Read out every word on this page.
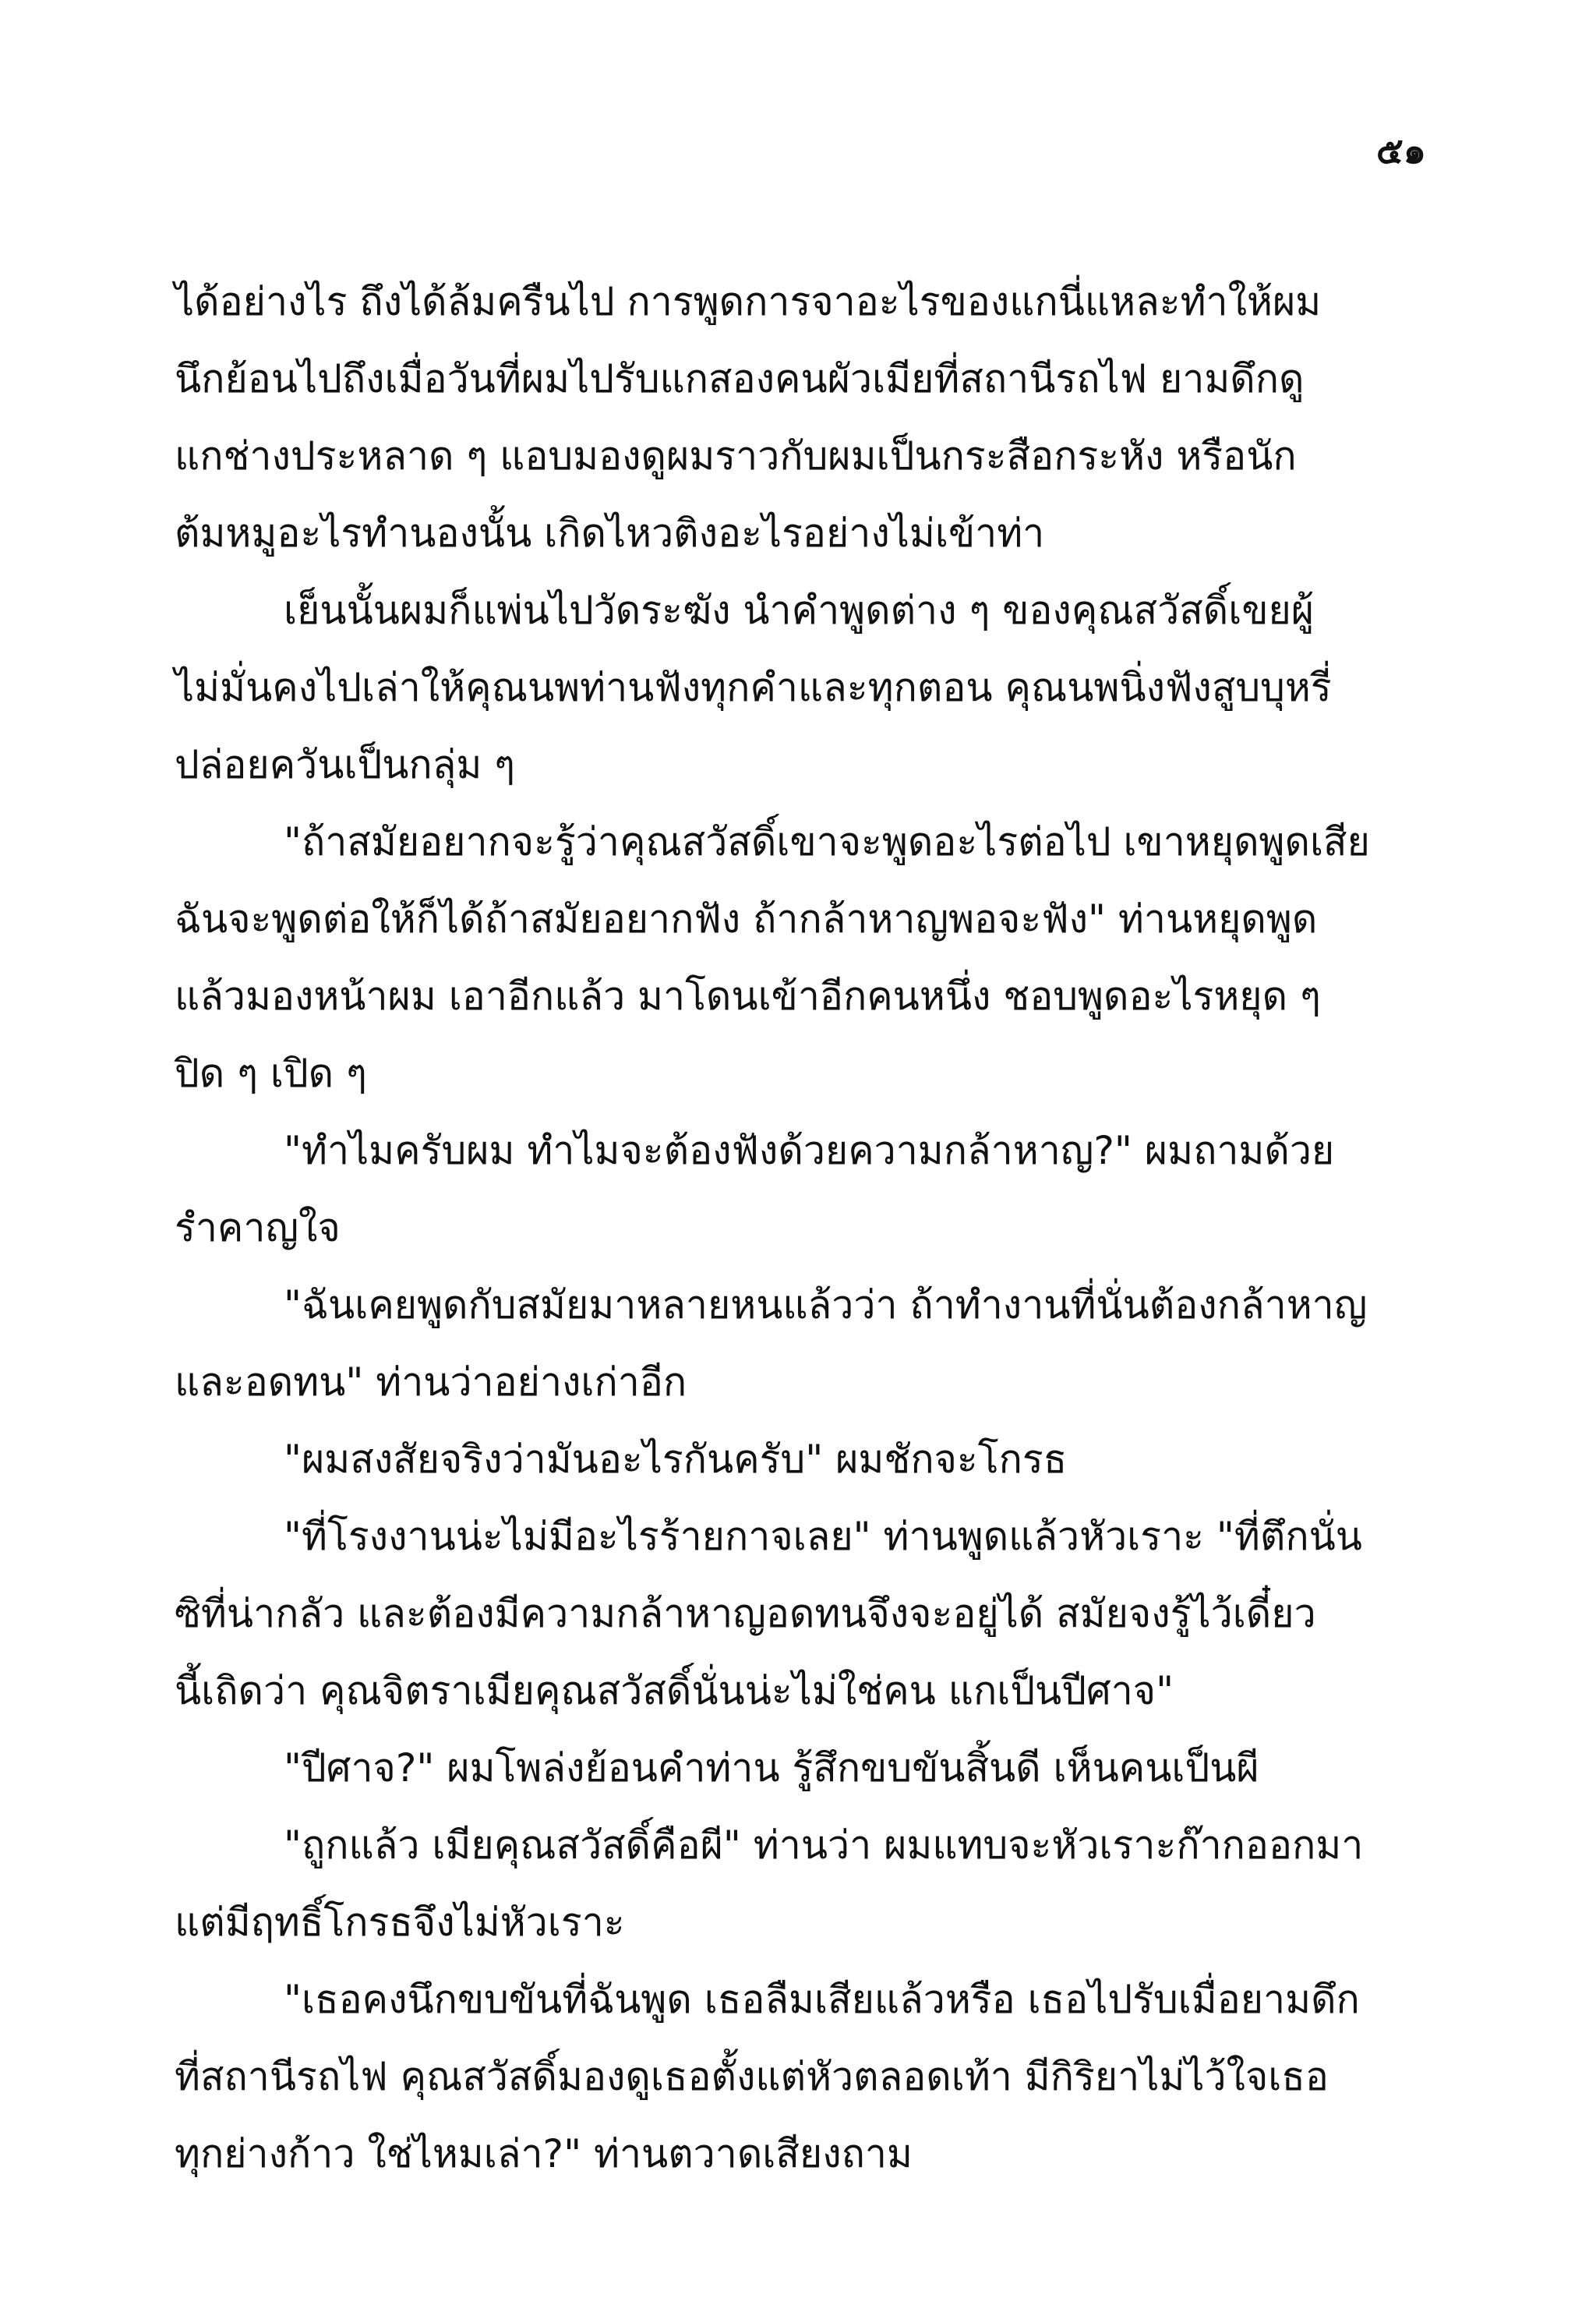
๕๑
ได้อย่างไร ถึงได้ล้มครืนไป การพูดการจาอะไรของแกนี่แหละทำให้ผม
นึกย้อนไปถึงเมื่อวันที่ผมไปรับแกสองคนผัวเมียที่สถานีรถไฟ ยามดึกดู
แกช่างประหลาด ๆ แอบมองดูผมราวกับผมเป็นกระสือกระหัง หรือนัก
ต้มหมูอะไรทำนองนั้น เกิดไหวติงอะไรอย่างไม่เข้าท่า
เย็นนั้นผมก็แพ่นไปวัดระฆัง นำคำพูดต่าง ๆ ของคุณสวัสดิ์เขยผู้
ไม่มั่นคงไปเล่าให้คุณนพท่านฟังทุกคำและทุกตอน คุณนพนิ่งฟังสูบบุหรี่
ปล่อยควันเป็นกลุ่ม ๆ
"ถ้าสมัยอยากจะรู้ว่าคุณสวัสดิ์เขาจะพูดอะไรต่อไป เขาหยุดพูดเสีย
ฉันจะพูดต่อให้ก็ได้ถ้าสมัยอยากฟัง ถ้ากล้าหาญพอจะฟัง" ท่านหยุดพูด
แล้วมองหน้าผม เอาอีกแล้ว มาโดนเข้าอีกคนหนึ่ง ชอบพูดอะไรหยุด ๆ
ปิด ๆ เปิด ๆ
"ทำไมครับผม ทำไมจะต้องฟังด้วยความกล้าหาญ?" ผมถามด้วย
รำคาญใจ
"ฉันเคยพูดกับสมัยมาหลายหนแล้วว่า ถ้าทำงานที่นั่นต้องกล้าหาญ
และอดทน" ท่านว่าอย่างเก่าอีก
"ผมสงสัยจริงว่ามันอะไรกันครับ" ผมชักจะโกรธ
"ที่โรงงานน่ะไม่มีอะไรร้ายกาจเลย" ท่านพูดแล้วหัวเราะ "ที่ตึกนั่น
ซิที่น่ากลัว และต้องมีความกล้าหาญอดทนจึงจะอยู่ได้ สมัยจงรู้ไว้เดี๋ยว
นี้เถิดว่า คุณจิตราเมียคุณสวัสดิ์นั่นน่ะไม่ใช่คน แกเป็นปีศาจ"
"ปีศาจ?" ผมโพล่งย้อนคำท่าน รู้สึกขบขันสิ้นดี เห็นคนเป็นผี
"ถูกแล้ว เมียคุณสวัสดิ์คือผี" ท่านว่า ผมแทบจะหัวเราะก๊ากออกมา
แต่มีฤทธิ์โกรธจึงไม่หัวเราะ
"เธอคงนึกขบขันที่ฉันพูด เธอลืมเสียแล้วหรือ เธอไปรับเมื่อยามดึก
ที่สถานีรถไฟ คุณสวัสดิ์มองดูเธอตั้งแต่หัวตลอดเท้า มีกิริยาไม่ไว้ใจเธอ
ทุกย่างก้าว ใช่ไหมเล่า?" ท่านตวาดเสียงถาม
